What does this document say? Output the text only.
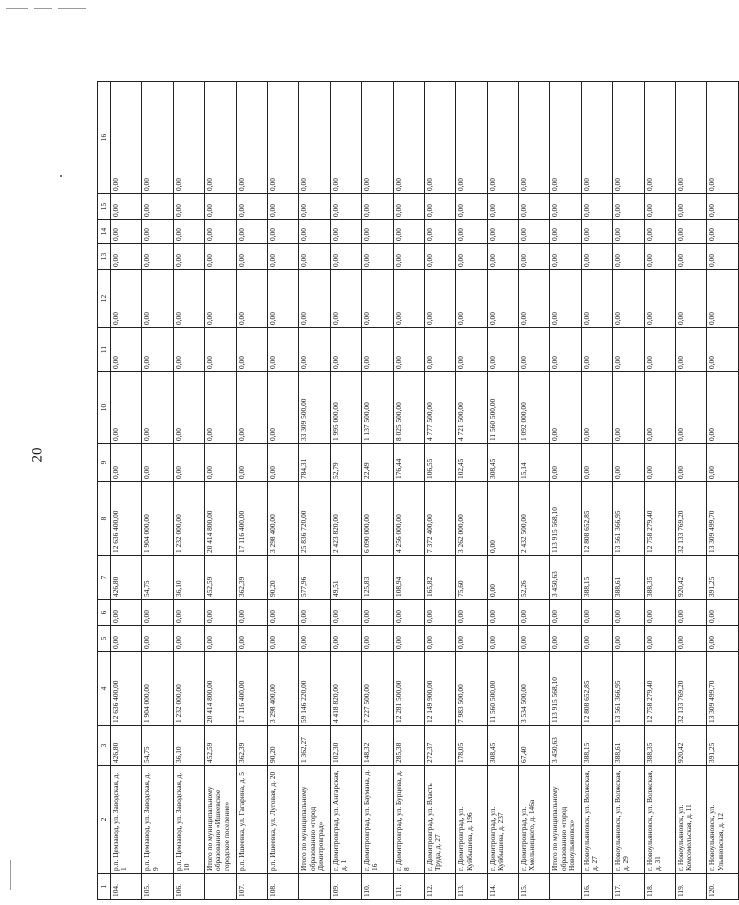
20
1	2	3	4	5	6	7	8	9	10	11	12	13	14	15	16
104.	р.п. Цемзавод, ул. Заводская, д. 1	426,80	12 636 400,00	0,00	0,00	426,80	12 636 400,00	0,00	0,00	0,00	0,00	0,00	0,00	0,00	0,00
105.	р.п. Цемзавод, ул. Заводская, д. 9	54,75	1 904 000,00	0,00	0,00	54,75	1 904 000,00	0,00	0,00	0,00	0,00	0,00	0,00	0,00	0,00
106.	р.п. Цемзавод, ул. Заводская, д. 10	36,10	1 232 000,00	0,00	0,00	36,10	1 232 000,00	0,00	0,00	0,00	0,00	0,00	0,00	0,00	0,00
	Итого по муниципальному образованию «Ишеевское городское поселение»	452,59	20 414 800,00	0,00	0,00	452,59	20 414 800,00	0,00	0,00	0,00	0,00	0,00	0,00	0,00	0,00
107.	р.п. Ишеевка, ул. Гагарина, д. 5	362,39	17 116 400,00	0,00	0,00	362,39	17 116 400,00	0,00	0,00	0,00	0,00	0,00	0,00	0,00	0,00
108.	р.п. Ишеевка, ул. Луговая, д. 20	90,20	3 298 400,00	0,00	0,00	90,20	3 298 400,00	0,00	0,00	0,00	0,00	0,00	0,00	0,00	0,00
	Итого по муниципальному образованию «город Димитровград»	1 362,27	59 146 220,00	0,00	0,00	577,96	25 836 720,00	784,31	33 309 500,00	0,00	0,00	0,00	0,00	0,00	0,00
109.	г. Димитровград, ул. Ангарская, д. 1	102,30	4 418 820,00	0,00	0,00	49,51	2 423 820,00	52,79	1 995 000,00	0,00	0,00	0,00	0,00	0,00	0,00
110.	г. Димитровград, ул. Баумана, д. 16	148,32	7 227 500,00	0,00	0,00	125,83	6 090 000,00	22,49	1 137 500,00	0,00	0,00	0,00	0,00	0,00	0,00
111.	г. Димитровград, ул. Бурцева, д. 8	285,38	12 281 500,00	0,00	0,00	108,94	4 256 000,00	176,44	8 025 500,00	0,00	0,00	0,00	0,00	0,00	0,00
112.	г. Димитровград, ул. Власть Труда, д. 27	272,37	12 149 900,00	0,00	0,00	165,82	7 372 400,00	106,55	4 777 500,00	0,00	0,00	0,00	0,00	0,00	0,00
113.	г. Димитровград, ул. Куйбышева, д. 196	178,05	7 983 500,00	0,00	0,00	75,60	3 262 000,00	102,45	4 721 500,00	0,00	0,00	0,00	0,00	0,00	0,00
114.	г. Димитровград, ул. Куйбышева, д. 237	308,45	11 560 500,00	0,00	0,00	0,00	0,00	308,45	11 560 500,00	0,00	0,00	0,00	0,00	0,00	0,00
115.	г. Димитровград, ул. Хмельницкого, д. 146а	67,40	3 534 500,00	0,00	0,00	52,26	2 432 500,00	15,14	1 092 000,00	0,00	0,00	0,00	0,00	0,00	0,00
	Итого по муниципальному образованию «город Новоульяновск»	3 450,63	113 915 568,10	0,00	0,00	3 450,63	113 915 568,10	0,00	0,00	0,00	0,00	0,00	0,00	0,00	0,00
116.	г. Новоульяновск, ул. Волжская, д. 27	388,15	12 808 652,85	0,00	0,00	388,15	12 808 652,85	0,00	0,00	0,00	0,00	0,00	0,00	0,00	0,00
117.	г. Новоульяновск, ул. Волжская, д. 29	388,61	13 561 366,95	0,00	0,00	388,61	13 561 366,95	0,00	0,00	0,00	0,00	0,00	0,00	0,00	0,00
118.	г. Новоульяновск, ул. Волжская, д. 31	388,35	12 758 279,40	0,00	0,00	388,35	12 758 279,40	0,00	0,00	0,00	0,00	0,00	0,00	0,00	0,00
119.	г. Новоульяновск, ул. Комсомольская, д. 11	920,42	32 133 769,20	0,00	0,00	920,42	32 133 769,20	0,00	0,00	0,00	0,00	0,00	0,00	0,00	0,00
120.	г. Новоульяновск, ул. Ульяновская, д. 12	391,25	13 309 499,70	0,00	0,00	391,25	13 309 499,70	0,00	0,00	0,00	0,00	0,00	0,00	0,00	0,00
